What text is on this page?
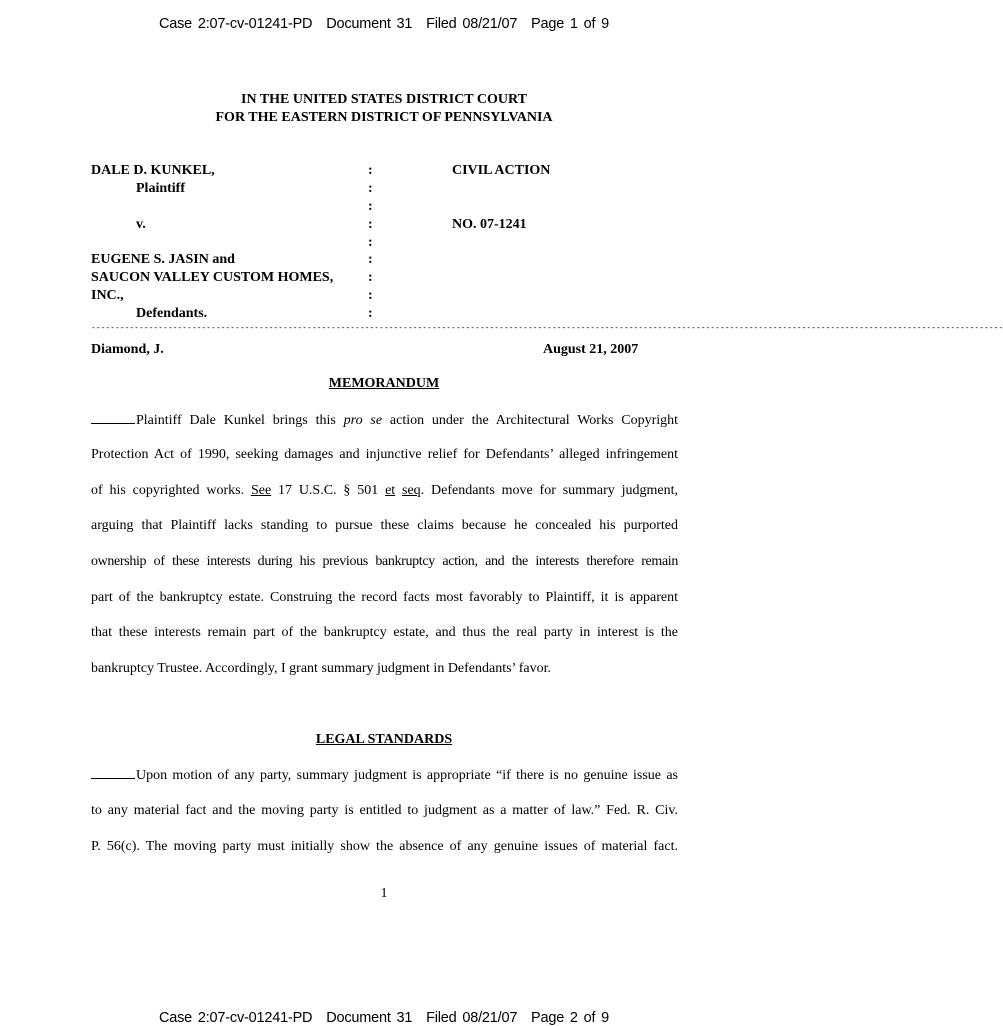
Case 2:07-cv-01241-PD Document 31 Filed 08/21/07 Page 1 of 9
IN THE UNITED STATES DISTRICT COURT
FOR THE EASTERN DISTRICT OF PENNSYLVANIA
DALE D. KUNKEL,
Plaintiff
v.
EUGENE S. JASIN and
SAUCON VALLEY CUSTOM HOMES,
INC.,
Defendants.
:
:
:
:
:
:
:
:
:
CIVIL ACTION
NO. 07-1241
----------------------------------------------------------------------------------------------------------------------------------------------------------------------------------------------
Diamond, J.	August 21, 2007
MEMORANDUM
Plaintiff Dale Kunkel brings this pro se action under the Architectural Works Copyright
Protection Act of 1990, seeking damages and injunctive relief for Defendants’ alleged infringement
of his copyrighted works. See 17 U.S.C. § 501 et seq. Defendants move for summary judgment,
arguing that Plaintiff lacks standing to pursue these claims because he concealed his purported
ownership of these interests during his previous bankruptcy action, and the interests therefore remain
part of the bankruptcy estate. Construing the record facts most favorably to Plaintiff, it is apparent
that these interests remain part of the bankruptcy estate, and thus the real party in interest is the
bankruptcy Trustee. Accordingly, I grant summary judgment in Defendants’ favor.
LEGAL STANDARDS
Upon motion of any party, summary judgment is appropriate “if there is no genuine issue as
to any material fact and the moving party is entitled to judgment as a matter of law.” Fed. R. Civ.
P. 56(c). The moving party must initially show the absence of any genuine issues of material fact.
1
Case 2:07-cv-01241-PD Document 31 Filed 08/21/07 Page 2 of 9
